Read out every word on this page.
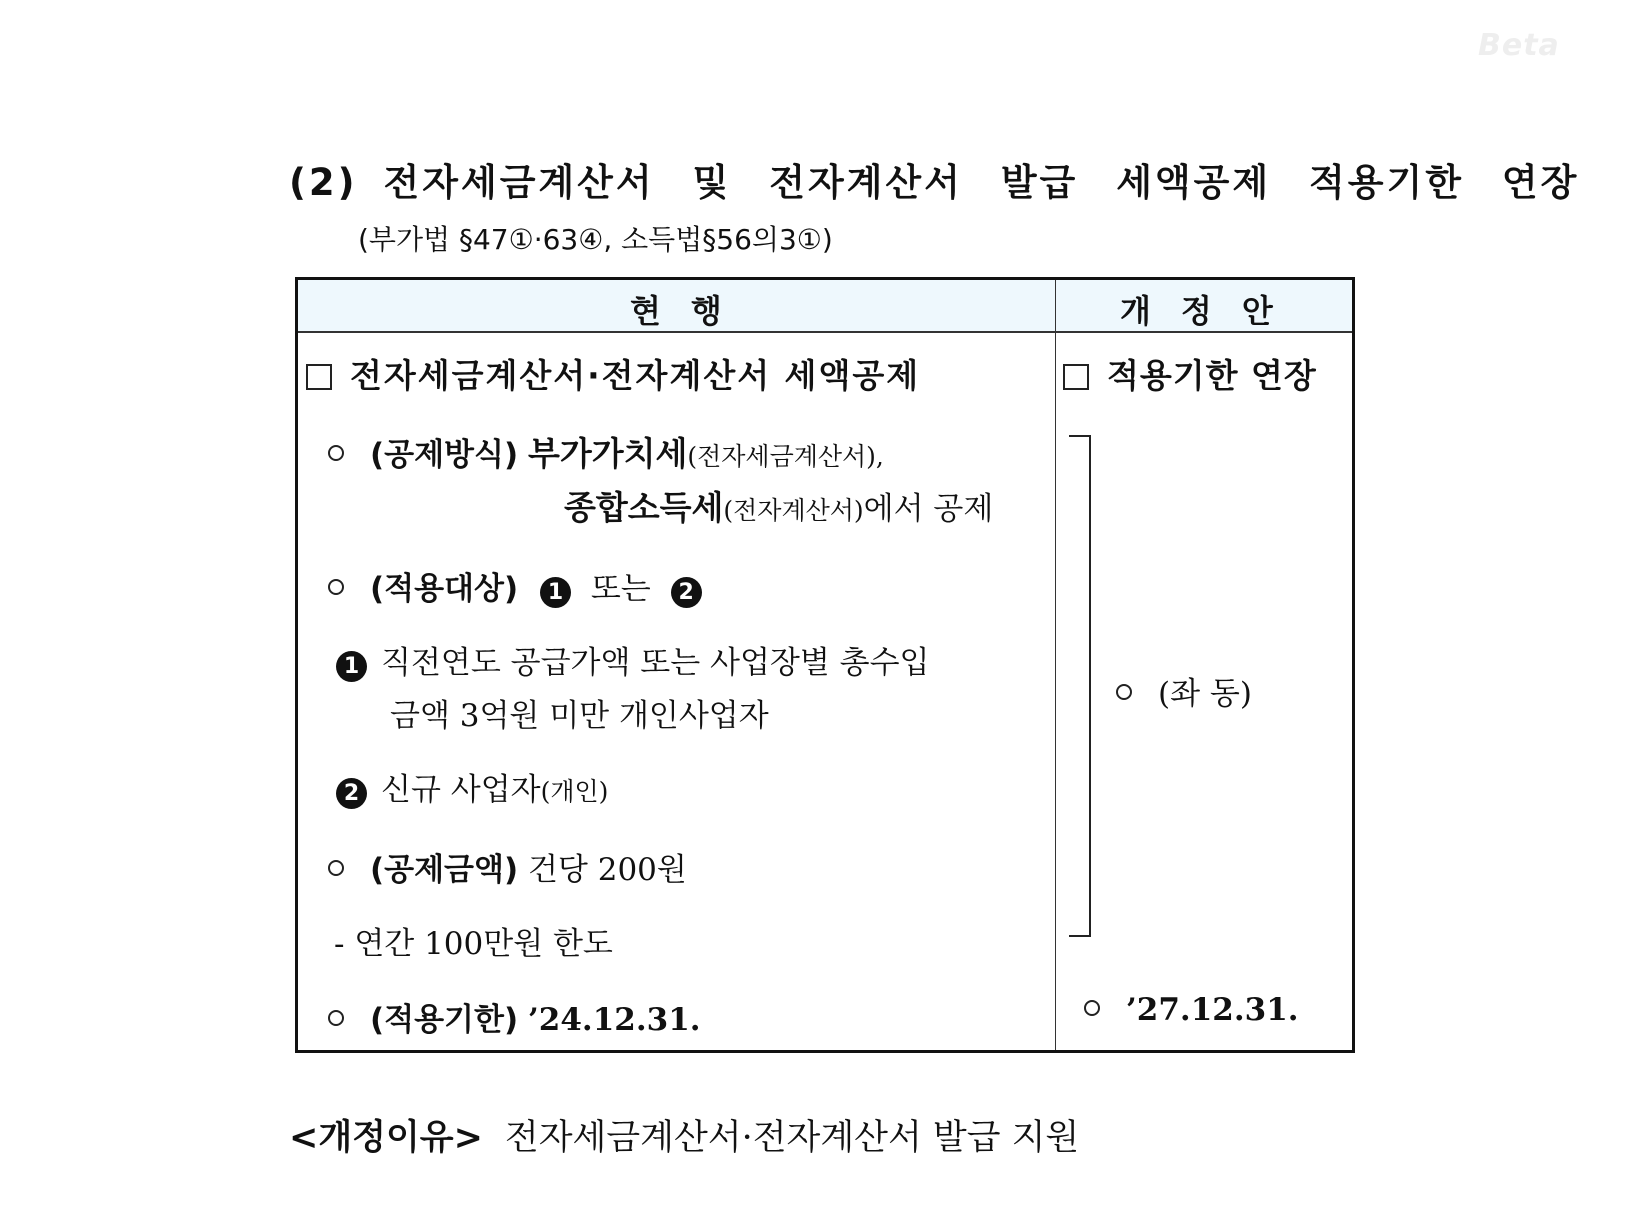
Beta
(2) 전자세금계산서 및 전자계산서 발급 세액공제 적용기한 연장
(부가법 §47①·63④, 소득법§56의3①)
현행	개정안
전자세금계산서·전자계산서 세액공제
(공제방식) 부가가치세(전자세금계산서),
종합소득세(전자계산서)에서 공제
(적용대상) 1 또는 2
1 직전연도 공급가액 또는 사업장별 총수입
금액 3억원 미만 개인사업자
2 신규 사업자(개인)
(공제금액) 건당 200원
- 연간 100만원 한도
(적용기한) ’24.12.31.
적용기한 연장
(좌 동)
’27.12.31.
<개정이유> 전자세금계산서·전자계산서 발급 지원
